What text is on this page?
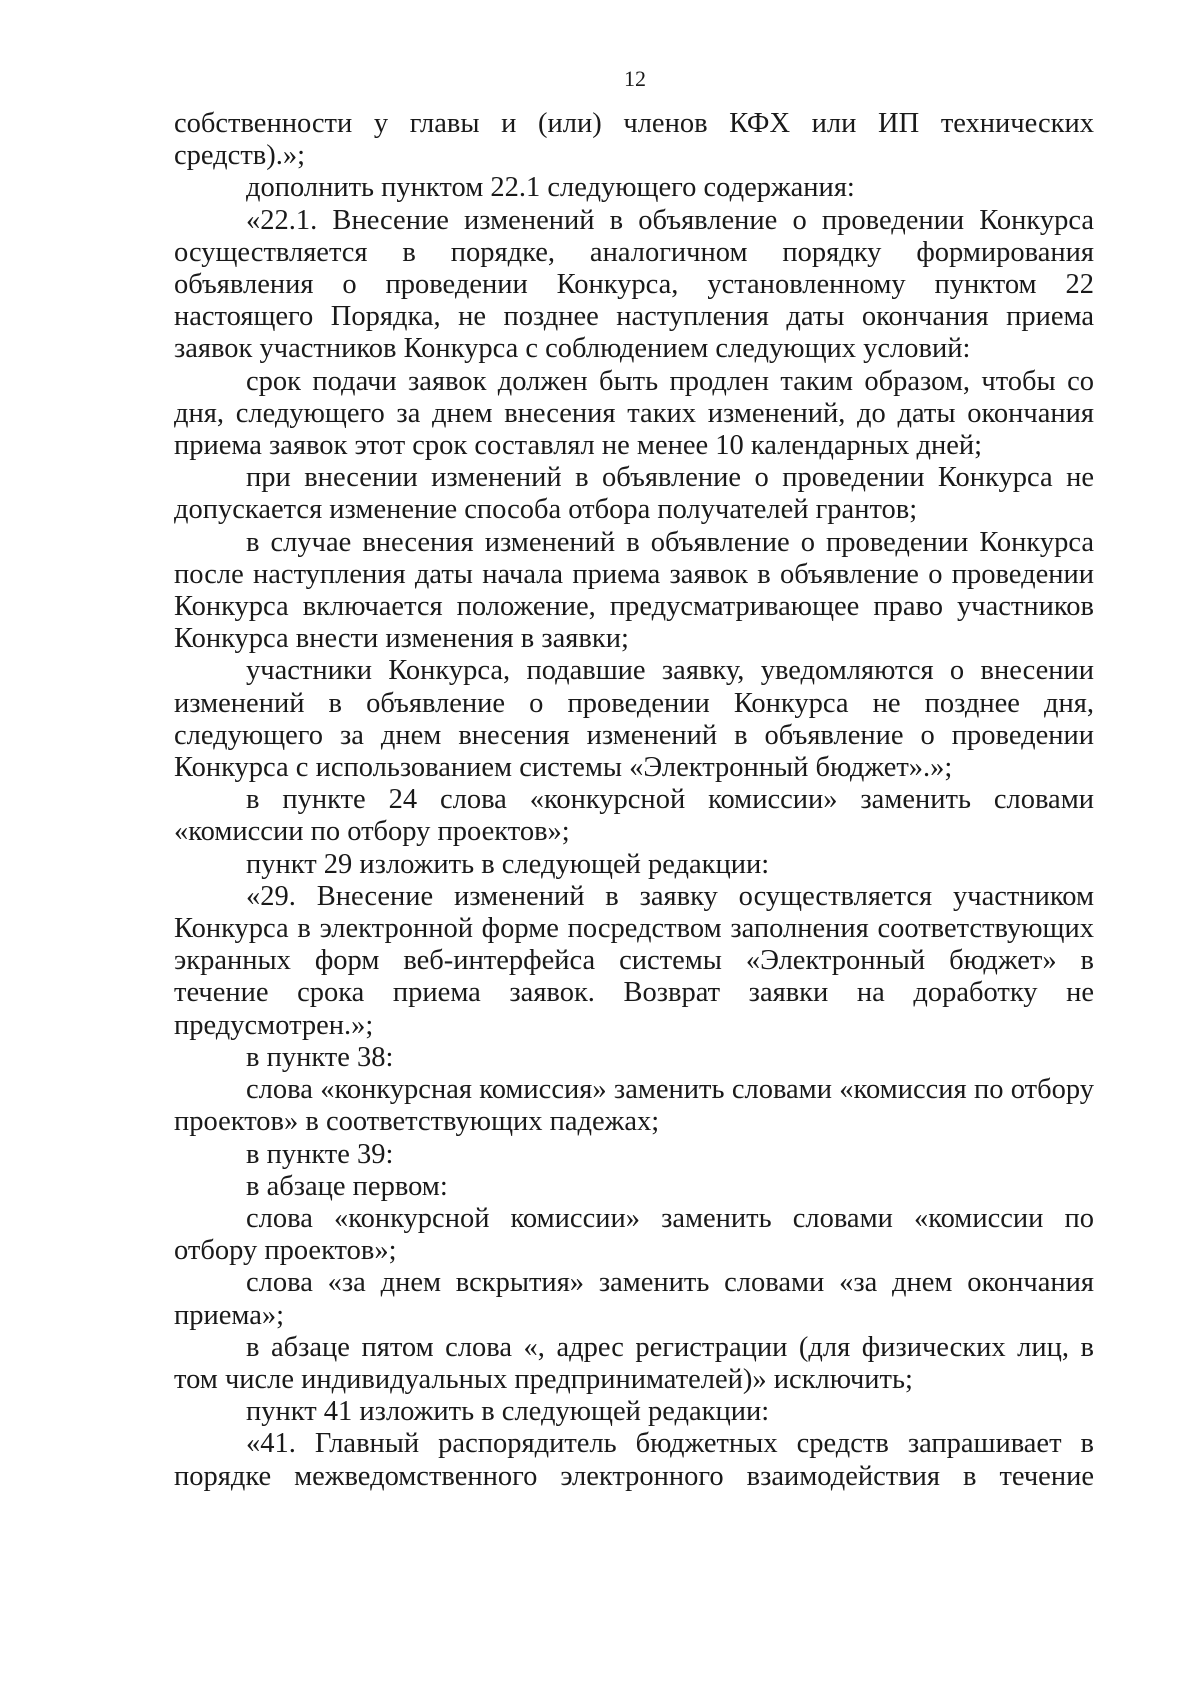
12

собственности у главы и (или) членов КФХ или ИП технических средств).»;

дополнить пунктом 22.1 следующего содержания:

«22.1. Внесение изменений в объявление о проведении Конкурса осуществляется в порядке, аналогичном порядку формирования объявления о проведении Конкурса, установленному пунктом 22 настоящего Порядка, не позднее наступления даты окончания приема заявок участников Конкурса с соблюдением следующих условий:

срок подачи заявок должен быть продлен таким образом, чтобы со дня, следующего за днем внесения таких изменений, до даты окончания приема заявок этот срок составлял не менее 10 календарных дней;

при внесении изменений в объявление о проведении Конкурса не допускается изменение способа отбора получателей грантов;

в случае внесения изменений в объявление о проведении Конкурса после наступления даты начала приема заявок в объявление о проведении Конкурса включается положение, предусматривающее право участников Конкурса внести изменения в заявки;

участники Конкурса, подавшие заявку, уведомляются о внесении изменений в объявление о проведении Конкурса не позднее дня, следующего за днем внесения изменений в объявление о проведении Конкурса с использованием системы «Электронный бюджет».»;

в пункте 24 слова «конкурсной комиссии» заменить словами «комиссии по отбору проектов»;

пункт 29 изложить в следующей редакции:

«29. Внесение изменений в заявку осуществляется участником Конкурса в электронной форме посредством заполнения соответствующих экранных форм веб-интерфейса системы «Электронный бюджет» в течение срока приема заявок. Возврат заявки на доработку не предусмотрен.»;

в пункте 38:

слова «конкурсная комиссия» заменить словами «комиссия по отбору проектов» в соответствующих падежах;

в пункте 39:

в абзаце первом:

слова «конкурсной комиссии» заменить словами «комиссии по отбору проектов»;

слова «за днем вскрытия» заменить словами «за днем окончания приема»;

в абзаце пятом слова «, адрес регистрации (для физических лиц, в том числе индивидуальных предпринимателей)» исключить;

пункт 41 изложить в следующей редакции:

«41. Главный распорядитель бюджетных средств запрашивает в порядке межведомственного электронного взаимодействия в течение
